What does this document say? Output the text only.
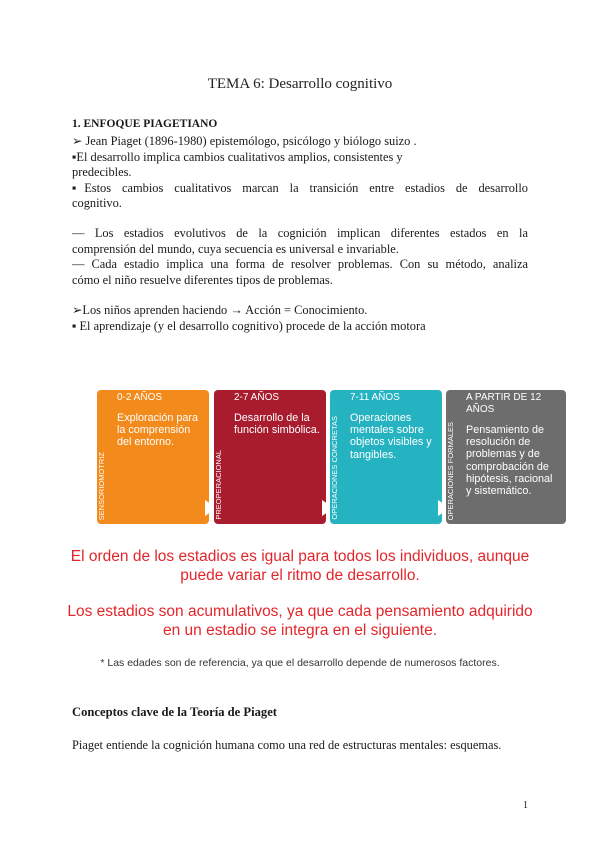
TEMA 6: Desarrollo cognitivo
1. ENFOQUE PIAGETIANO
➢ Jean Piaget (1896-1980) epistemólogo, psicólogo y biólogo suizo .
▪El desarrollo implica cambios cualitativos amplios, consistentes y
predecibles.
▪Estos cambios cualitativos marcan la transición entre estadios de desarrollo
cognitivo.
— Los estadios evolutivos de la cognición implican diferentes estados en la
comprensión del mundo, cuya secuencia es universal e invariable.
— Cada estadio implica una forma de resolver problemas. Con su método, analiza
cómo el niño resuelve diferentes tipos de problemas.
➢Los niños aprenden haciendo → Acción = Conocimiento.
▪ El aprendizaje (y el desarrollo cognitivo) procede de la acción motora
SENSORIOMOTRIZ
0-2 AÑOS
Exploración para la comprensión del entorno.
PREOPERACIONAL
2-7 AÑOS
Desarrollo de la función simbólica. OPERACIONES CONCRETAS
7-11 AÑOS
Operaciones mentales sobre objetos visibles y tangibles.	OPERACIONES FORMALES
A PARTIR DE 12 AÑOS
Pensamiento de resolución de problemas y de comprobación de hipótesis, racional y sistemático.
El orden de los estadios es igual para todos los individuos, aunque puede variar el ritmo de desarrollo.
Los estadios son acumulativos, ya que cada pensamiento adquirido en un estadio se integra en el siguiente.
* Las edades son de referencia, ya que el desarrollo depende de numerosos factores.
Conceptos clave de la Teoría de Piaget
Piaget entiende la cognición humana como una red de estructuras mentales: esquemas.
1
